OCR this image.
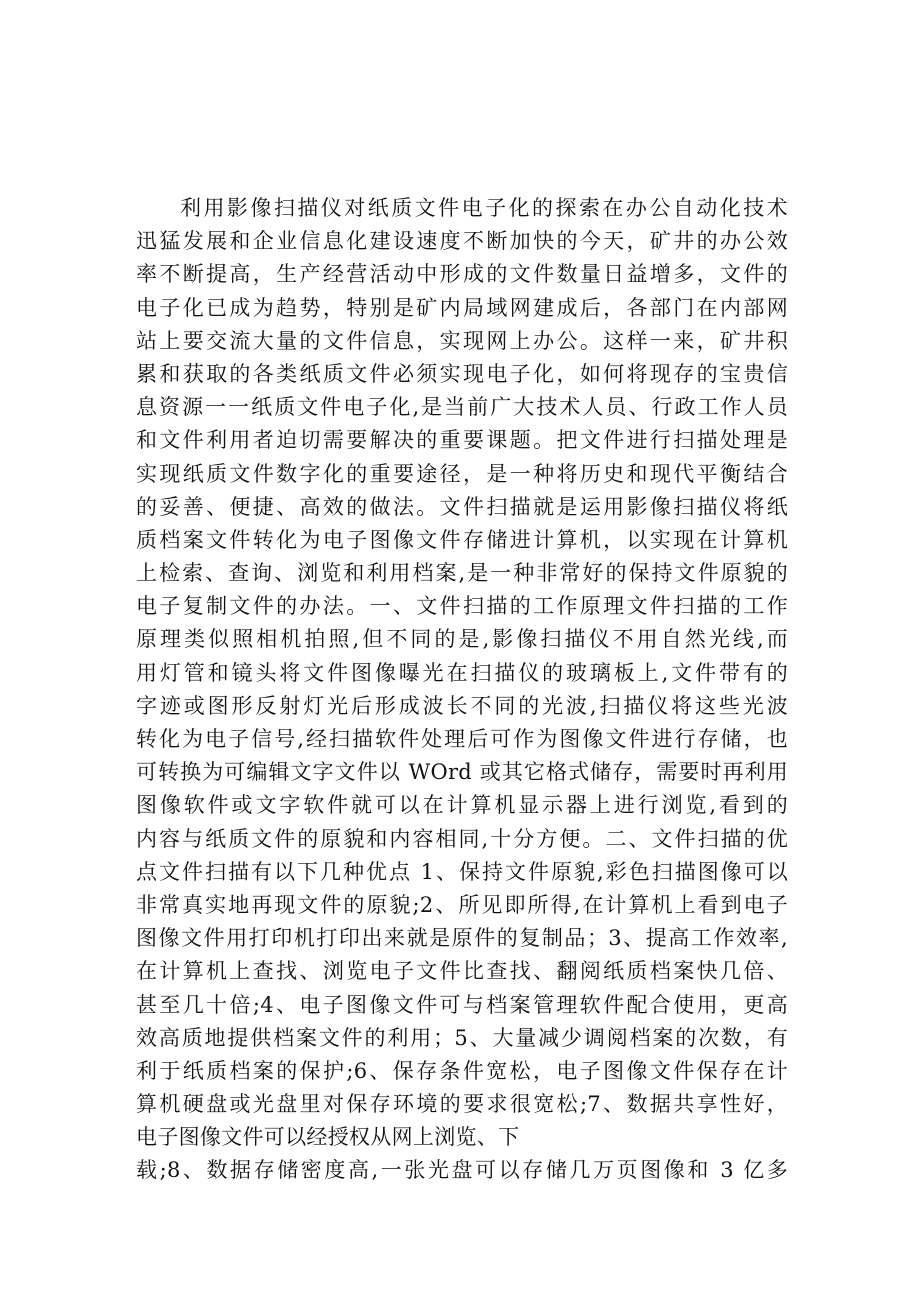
利用影像扫描仪对纸质文件电子化的探索在办公自动化技术
迅猛发展和企业信息化建设速度不断加快的今天，矿井的办公效
率不断提高，生产经营活动中形成的文件数量日益增多，文件的
电子化已成为趋势，特别是矿内局域网建成后，各部门在内部网
站上要交流大量的文件信息，实现网上办公。这样一来，矿井积
累和获取的各类纸质文件必须实现电子化，如何将现存的宝贵信
息资源一一纸质文件电子化,是当前广大技术人员、行政工作人员
和文件利用者迫切需要解决的重要课题。把文件进行扫描处理是
实现纸质文件数字化的重要途径，是一种将历史和现代平衡结合
的妥善、便捷、高效的做法。文件扫描就是运用影像扫描仪将纸
质档案文件转化为电子图像文件存储进计算机，以实现在计算机
上检索、查询、浏览和利用档案,是一种非常好的保持文件原貌的
电子复制文件的办法。一、文件扫描的工作原理文件扫描的工作
原理类似照相机拍照,但不同的是,影像扫描仪不用自然光线,而
用灯管和镜头将文件图像曝光在扫描仪的玻璃板上,文件带有的
字迹或图形反射灯光后形成波长不同的光波,扫描仪将这些光波
转化为电子信号,经扫描软件处理后可作为图像文件进行存储，也
可转换为可编辑文字文件以 WOrd 或其它格式储存，需要时再利用
图像软件或文字软件就可以在计算机显示器上进行浏览,看到的
内容与纸质文件的原貌和内容相同,十分方便。二、文件扫描的优
点文件扫描有以下几种优点 1、保持文件原貌,彩色扫描图像可以
非常真实地再现文件的原貌;2、所见即所得,在计算机上看到电子
图像文件用打印机打印出来就是原件的复制品；3、提高工作效率,
在计算机上查找、浏览电子文件比查找、翻阅纸质档案快几倍、
甚至几十倍;4、电子图像文件可与档案管理软件配合使用，更高
效高质地提供档案文件的利用；5、大量减少调阅档案的次数，有
利于纸质档案的保护;6、保存条件宽松，电子图像文件保存在计
算机硬盘或光盘里对保存环境的要求很宽松;7、数据共享性好，
电子图像文件可以经授权从网上浏览、下
载;8、数据存储密度高,一张光盘可以存储几万页图像和 3 亿多
